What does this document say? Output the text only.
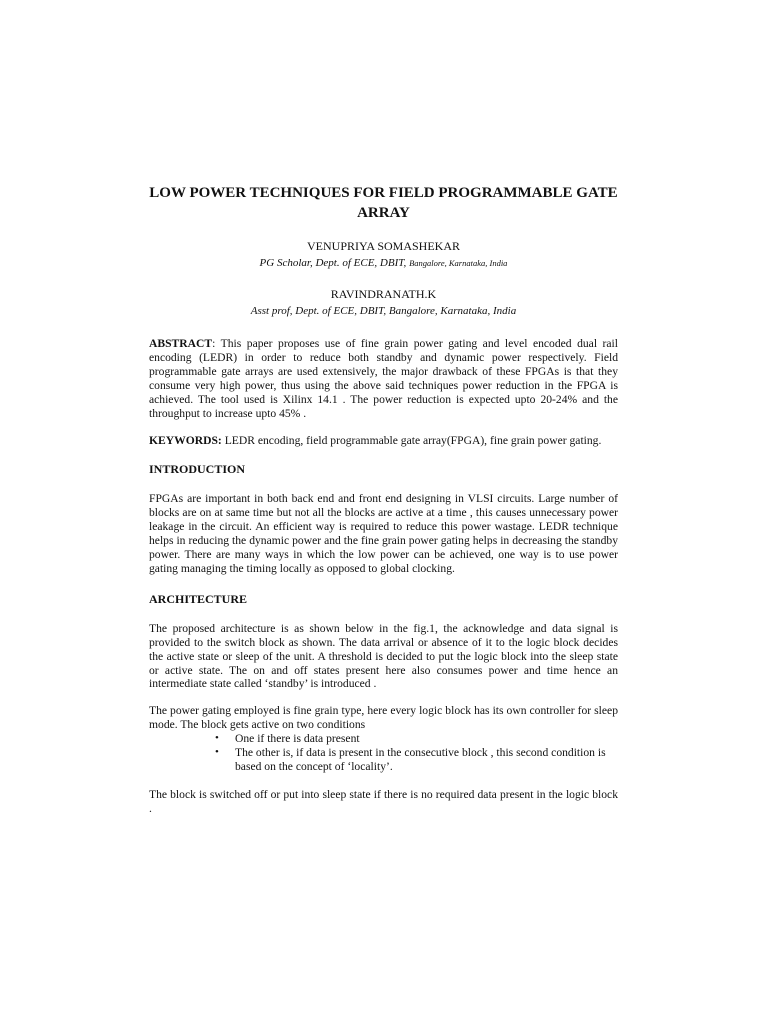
LOW POWER TECHNIQUES FOR FIELD PROGRAMMABLE GATE
ARRAY
VENUPRIYA SOMASHEKAR
PG Scholar, Dept. of ECE, DBIT, Bangalore, Karnataka, India
RAVINDRANATH.K
Asst prof, Dept. of ECE, DBIT, Bangalore, Karnataka, India

ABSTRACT: This paper proposes use of fine grain power gating and level encoded dual rail encoding (LEDR) in order to reduce both standby and dynamic power respectively. Field programmable gate arrays are used extensively, the major drawback of these FPGAs is that they consume very high power, thus using the above said techniques power reduction in the FPGA is achieved. The tool used is Xilinx 14.1 . The power reduction is expected upto 20-24% and the throughput to increase upto 45% .

KEYWORDS: LEDR encoding, field programmable gate array(FPGA), fine grain power gating.

INTRODUCTION

FPGAs are important in both back end and front end designing in VLSI circuits. Large number of blocks are on at same time but not all the blocks are active at a time , this causes unnecessary power leakage in the circuit. An efficient way is required to reduce this power wastage. LEDR technique helps in reducing the dynamic power and the fine grain power gating helps in decreasing the standby power. There are many ways in which the low power can be achieved, one way is to use power gating managing the timing locally as opposed to global clocking.

ARCHITECTURE

The proposed architecture is as shown below in the fig.1, the acknowledge and data signal is provided to the switch block as shown. The data arrival or absence of it to the logic block decides the active state or sleep of the unit. A threshold is decided to put the logic block into the sleep state or active state. The on and off states present here also consumes power and time hence an intermediate state called ‘standby’ is introduced .

The power gating employed is fine grain type, here every logic block has its own controller for sleep mode. The block gets active on two conditions

• One if there is data present
• The other is, if data is present in the consecutive block , this second condition is based on the concept of ‘locality’.

The block is switched off or put into sleep state if there is no required data present in the logic block .
